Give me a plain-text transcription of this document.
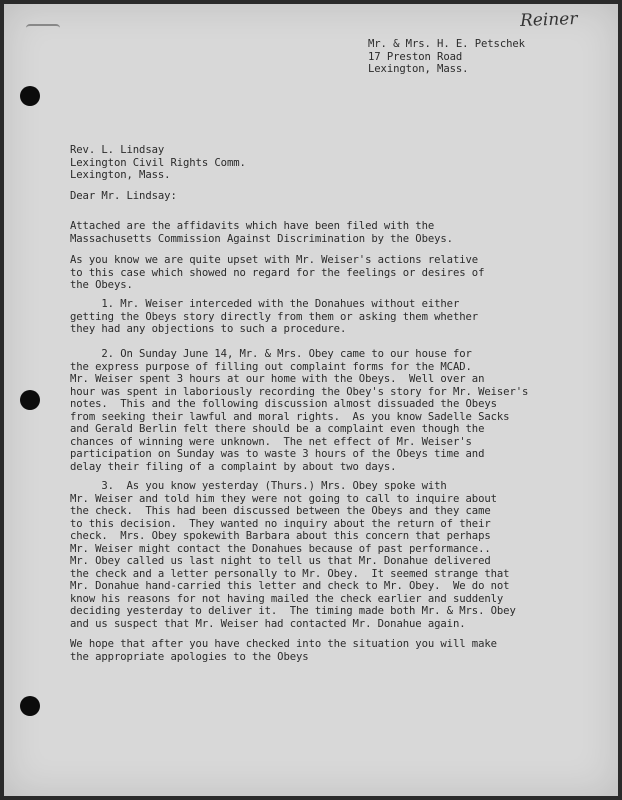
Reiner
Mr. & Mrs. H. E. Petschek
17 Preston Road
Lexington, Mass.
Rev. L. Lindsay
Lexington Civil Rights Comm.
Lexington, Mass.
Dear Mr. Lindsay:
Attached are the affidavits which have been filed with the
Massachusetts Commission Against Discrimination by the Obeys.
As you know we are quite upset with Mr. Weiser's actions relative
to this case which showed no regard for the feelings or desires of
the Obeys.
1. Mr. Weiser interceded with the Donahues without either
getting the Obeys story directly from them or asking them whether
they had any objections to such a procedure.
2. On Sunday June 14, Mr. & Mrs. Obey came to our house for
the express purpose of filling out complaint forms for the MCAD.
Mr. Weiser spent 3 hours at our home with the Obeys.  Well over an
hour was spent in laboriously recording the Obey's story for Mr. Weiser's
notes.  This and the following discussion almost dissuaded the Obeys
from seeking their lawful and moral rights.  As you know Sadelle Sacks
and Gerald Berlin felt there should be a complaint even though the
chances of winning were unknown.  The net effect of Mr. Weiser's
participation on Sunday was to waste 3 hours of the Obeys time and
delay their filing of a complaint by about two days.
3.  As you know yesterday (Thurs.) Mrs. Obey spoke with
Mr. Weiser and told him they were not going to call to inquire about
the check.  This had been discussed between the Obeys and they came
to this decision.  They wanted no inquiry about the return of their
check.  Mrs. Obey spokewith Barbara about this concern that perhaps
Mr. Weiser might contact the Donahues because of past performance..
Mr. Obey called us last night to tell us that Mr. Donahue delivered
the check and a letter personally to Mr. Obey.  It seemed strange that
Mr. Donahue hand-carried this letter and check to Mr. Obey.  We do not
know his reasons for not having mailed the check earlier and suddenly
deciding yesterday to deliver it.  The timing made both Mr. & Mrs. Obey
and us suspect that Mr. Weiser had contacted Mr. Donahue again.
We hope that after you have checked into the situation you will make
the appropriate apologies to the Obeys
